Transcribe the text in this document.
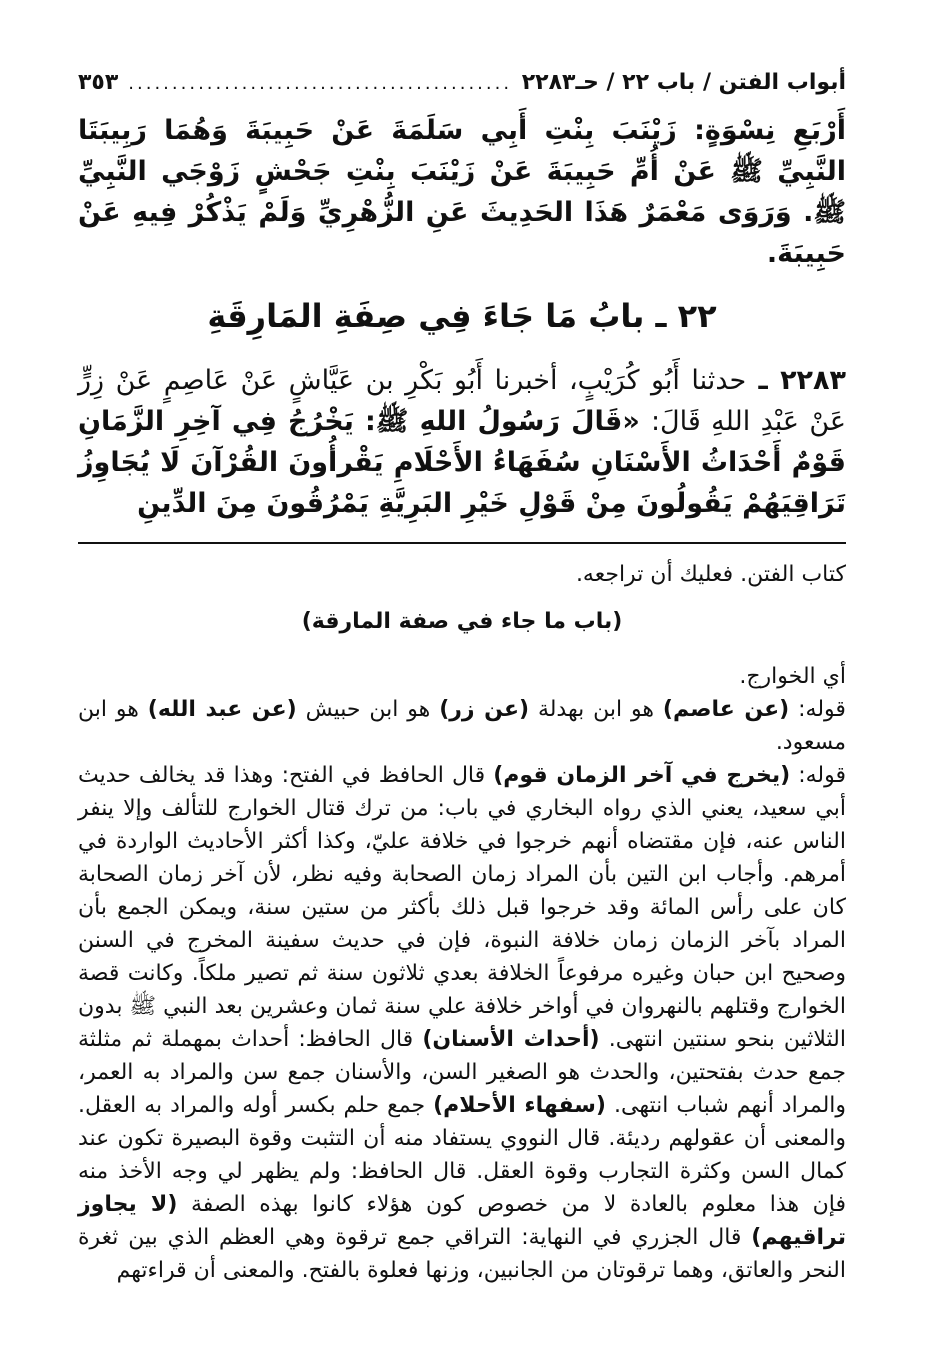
أبواب الفتن / باب ٢٢ / حـ٢٢٨٣
.....
٣٥٣

أَرْبَعِ نِسْوَةٍ: زَيْنَبَ بِنْتِ أَبِي سَلَمَةَ عَنْ حَبِيبَةَ وَهُمَا رَبِيبَتَا النَّبِيِّ ﷺ عَنْ أُمِّ حَبِيبَةَ عَنْ زَيْنَبَ بِنْتِ جَحْشٍ زَوْجَي النَّبِيِّ ﷺ. وَرَوَى مَعْمَرٌ هَذَا الحَدِيثَ عَنِ الزُّهْرِيِّ وَلَمْ يَذْكُرْ فِيهِ عَنْ حَبِيبَةَ.

٢٢ ـ بابُ مَا جَاءَ فِي صِفَةِ المَارِقَةِ

٢٢٨٣ ـ حدثنا أَبُو كُرَيْبٍ، أخبرنا أَبُو بَكْرِ بن عَيَّاشٍ عَنْ عَاصِمٍ عَنْ زِرٍّ عَنْ عَبْدِ اللهِ قَالَ: «قَالَ رَسُولُ اللهِ ﷺ: يَخْرُجُ فِي آخِرِ الزَّمَانِ قَوْمٌ أَحْدَاثُ الأَسْنَانِ سُفَهَاءُ الأَحْلَامِ يَقْرأُونَ القُرْآنَ لَا يُجَاوِزُ تَرَاقِيَهُمْ يَقُولُونَ مِنْ قَوْلِ خَيْرِ البَرِيَّةِ يَمْرُقُونَ مِنَ الدِّينِ

كتاب الفتن. فعليك أن تراجعه.

(باب ما جاء في صفة المارقة)

أي الخوارج.

قوله: (عن عاصم) هو ابن بهدلة (عن زر) هو ابن حبيش (عن عبد الله) هو ابن مسعود.

قوله: (يخرج في آخر الزمان قوم) قال الحافظ في الفتح: وهذا قد يخالف حديث أبي سعيد، يعني الذي رواه البخاري في باب: من ترك قتال الخوارج للتألف وإلا ينفر الناس عنه، فإن مقتضاه أنهم خرجوا في خلافة عليّ، وكذا أكثر الأحاديث الواردة في أمرهم. وأجاب ابن التين بأن المراد زمان الصحابة وفيه نظر، لأن آخر زمان الصحابة كان على رأس المائة وقد خرجوا قبل ذلك بأكثر من ستين سنة، ويمكن الجمع بأن المراد بآخر الزمان زمان خلافة النبوة، فإن في حديث سفينة المخرج في السنن وصحيح ابن حبان وغيره مرفوعاً الخلافة بعدي ثلاثون سنة ثم تصير ملكاً. وكانت قصة الخوارج وقتلهم بالنهروان في أواخر خلافة علي سنة ثمان وعشرين بعد النبي ﷺ بدون الثلاثين بنحو سنتين انتهى. (أحداث الأسنان) قال الحافظ: أحداث بمهملة ثم مثلثة جمع حدث بفتحتين، والحدث هو الصغير السن، والأسنان جمع سن والمراد به العمر، والمراد أنهم شباب انتهى. (سفهاء الأحلام) جمع حلم بكسر أوله والمراد به العقل. والمعنى أن عقولهم رديئة. قال النووي يستفاد منه أن التثبت وقوة البصيرة تكون عند كمال السن وكثرة التجارب وقوة العقل. قال الحافظ: ولم يظهر لي وجه الأخذ منه فإن هذا معلوم بالعادة لا من خصوص كون هؤلاء كانوا بهذه الصفة (لا يجاوز تراقيهم) قال الجزري في النهاية: التراقي جمع ترقوة وهي العظم الذي بين ثغرة النحر والعاتق، وهما ترقوتان من الجانبين، وزنها فعلوة بالفتح. والمعنى أن قراءتهم
